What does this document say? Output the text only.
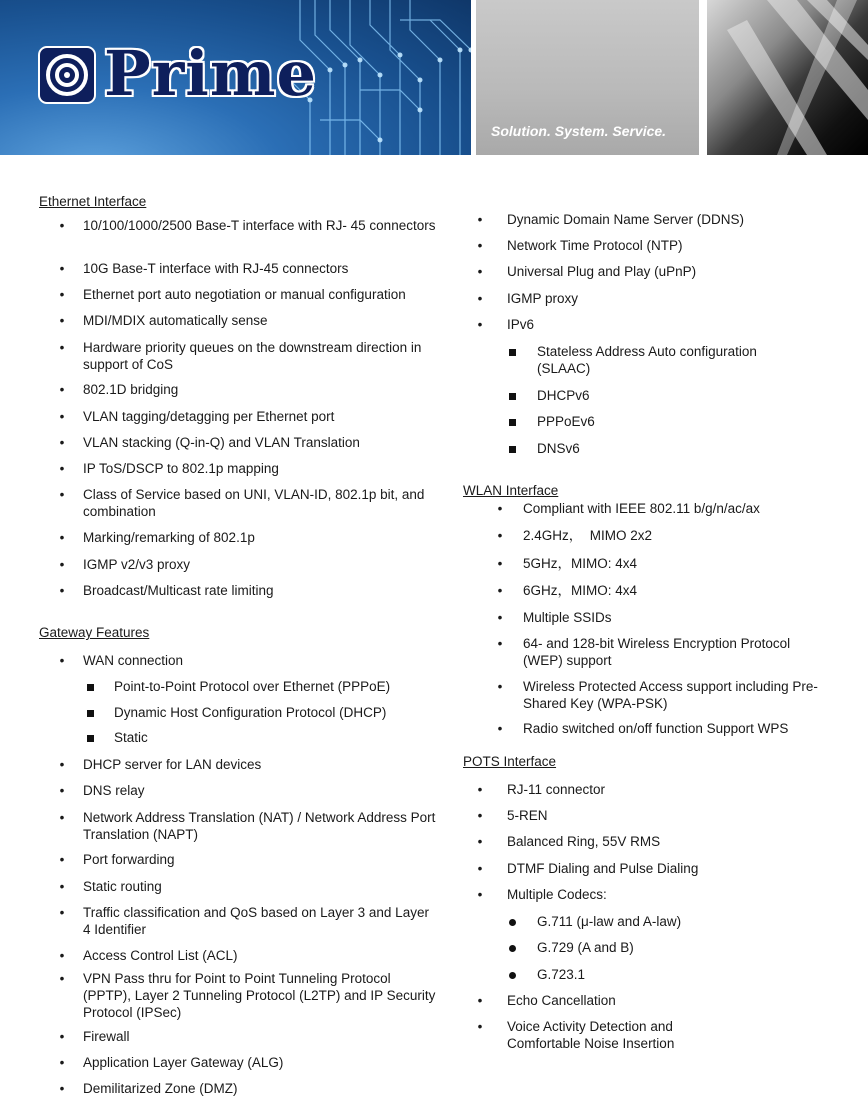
Prime
Solution. System. Service.
Ethernet Interface
• 10/100/1000/2500 Base-T interface with RJ- 45 connectors
• 10G Base-T interface with RJ-45 connectors
• Ethernet port auto negotiation or manual configuration
• MDI/MDIX automatically sense
• Hardware priority queues on the downstream direction in support of CoS
• 802.1D bridging
• VLAN tagging/detagging per Ethernet port
• VLAN stacking (Q-in-Q) and VLAN Translation
• IP ToS/DSCP to 802.1p mapping
• Class of Service based on UNI, VLAN-ID, 802.1p bit, and combination
• Marking/remarking of 802.1p
• IGMP v2/v3 proxy
• Broadcast/Multicast rate limiting
Gateway Features
• WAN connection
Point-to-Point Protocol over Ethernet (PPPoE)
Dynamic Host Configuration Protocol (DHCP)
Static
• DHCP server for LAN devices
• DNS relay
• Network Address Translation (NAT) / Network Address Port Translation (NAPT)
• Port forwarding
• Static routing
• Traffic classification and QoS based on Layer 3 and Layer 4 Identifier
• Access Control List (ACL)
• VPN Pass thru for Point to Point Tunneling Protocol (PPTP), Layer 2 Tunneling Protocol (L2TP) and IP Security Protocol (IPSec)
• Firewall
• Application Layer Gateway (ALG)
• Demilitarized Zone (DMZ)
• Dynamic Domain Name Server (DDNS)
• Network Time Protocol (NTP)
• Universal Plug and Play (uPnP)
• IGMP proxy
• IPv6
Stateless Address Auto configuration (SLAAC)
DHCPv6
PPPoEv6
DNSv6
WLAN Interface
• Compliant with IEEE 802.11 b/g/n/ac/ax
• 2.4GHz，  MIMO 2x2
• 5GHz，MIMO: 4x4
• 6GHz，MIMO: 4x4
• Multiple SSIDs
• 64- and 128-bit Wireless Encryption Protocol (WEP) support
• Wireless Protected Access support including Pre-Shared Key (WPA-PSK)
• Radio switched on/off function Support WPS
POTS Interface
• RJ-11 connector
• 5-REN
• Balanced Ring, 55V RMS
• DTMF Dialing and Pulse Dialing
• Multiple Codecs:
G.711 (μ-law and A-law)
G.729 (A and B)
G.723.1
• Echo Cancellation
• Voice Activity Detection and Comfortable Noise Insertion
